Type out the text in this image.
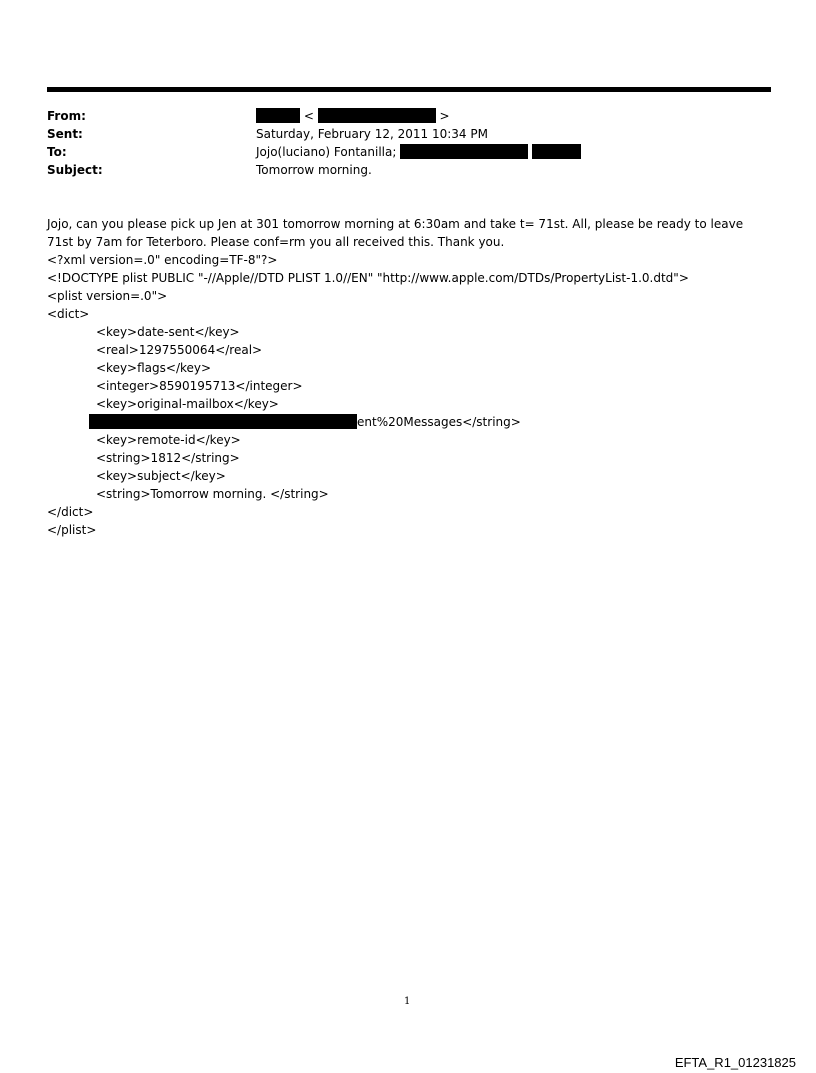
From:	<	>
Sent:	Saturday, February 12, 2011 10:34 PM
To:	Jojo(luciano) Fontanilla;
Subject:	Tomorrow morning.
Jojo, can you please pick up Jen at 301 tomorrow morning at 6:30am and take t= 71st. All, please be ready to leave 71st by 7am for Teterboro. Please conf=rm you all received this. Thank you.
<?xml version=.0" encoding=TF-8"?>
<!DOCTYPE plist PUBLIC "-//Apple//DTD PLIST 1.0//EN" "http://www.apple.com/DTDs/PropertyList-1.0.dtd">
<plist version=.0">
<dict>
<key>date-sent</key>
<real>1297550064</real>
<key>flags</key>
<integer>8590195713</integer>
<key>original-mailbox</key>
ent%20Messages</string>
<key>remote-id</key>
<string>1812</string>
<key>subject</key>
<string>Tomorrow morning. </string>
</dict>
</plist>
1
EFTA_R1_01231825
